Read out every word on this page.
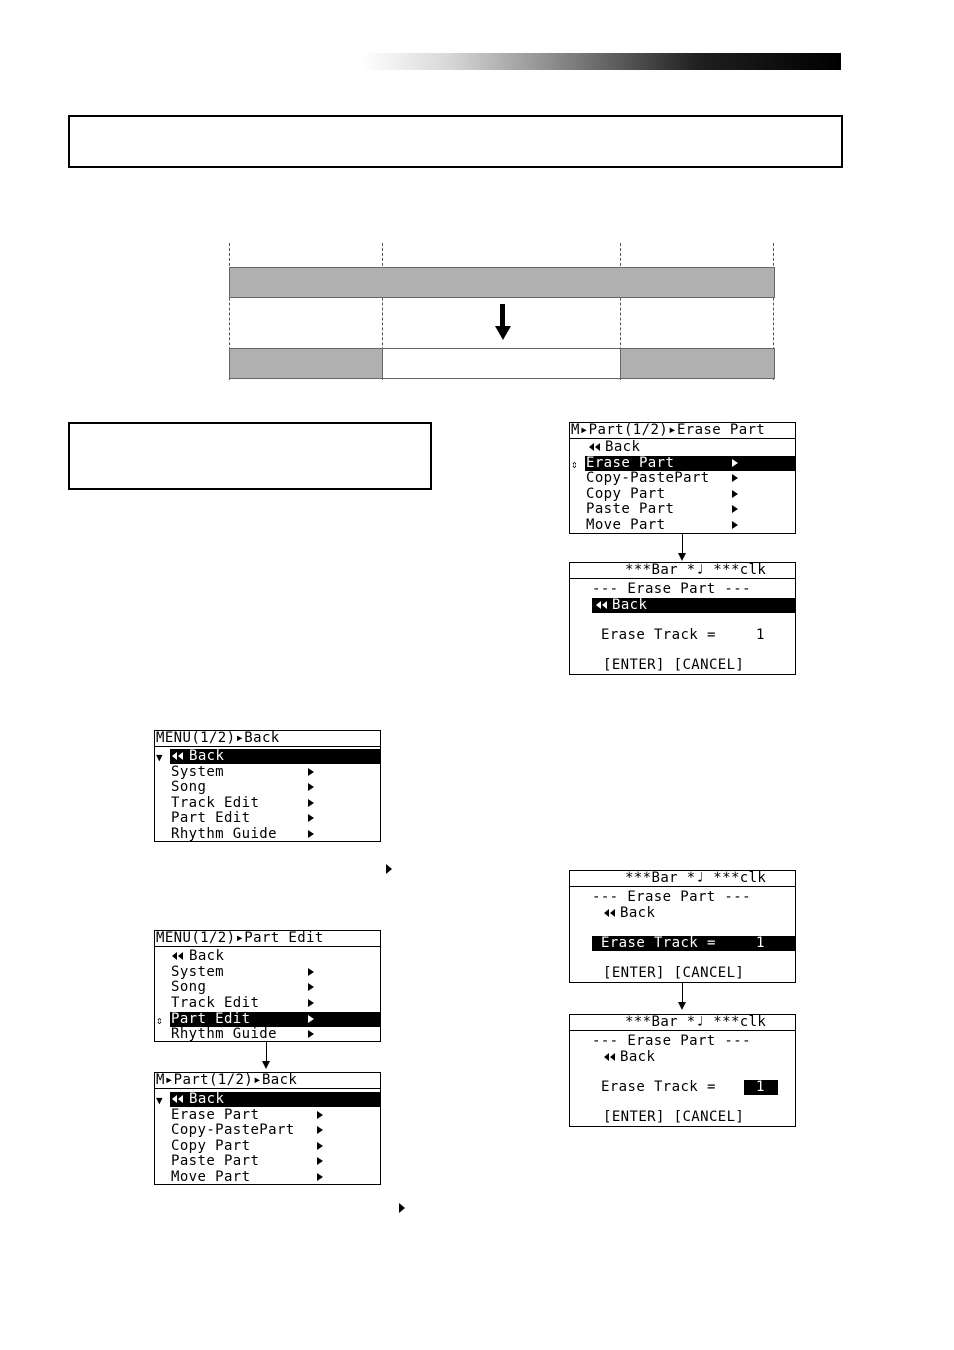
M▸Part(1/2)▸Erase Part

Back

⇕

Erase Part

Copy-PastePart
Copy Part
Paste Part
Move Part
***Bar *♩ ***clk
--- Erase Part ---

Back

Erase Track =

	1

[ENTER] [CANCEL]
MENU(1/2)▸Back

▼

Back

System
Song
Track Edit
Part Edit
Rhythm Guide
***Bar *♩ ***clk
--- Erase Part ---

Back

Erase Track =

	1

[ENTER] [CANCEL]
MENU(1/2)▸Part Edit

Back

System
Song
Track Edit

⇕

Part Edit

Rhythm Guide
***Bar *♩ ***clk
--- Erase Part ---

Back

Erase Track =

	1

[ENTER] [CANCEL]
M▸Part(1/2)▸Back

▼

Back

Erase Part
Copy-PastePart
Copy Part
Paste Part
Move Part
